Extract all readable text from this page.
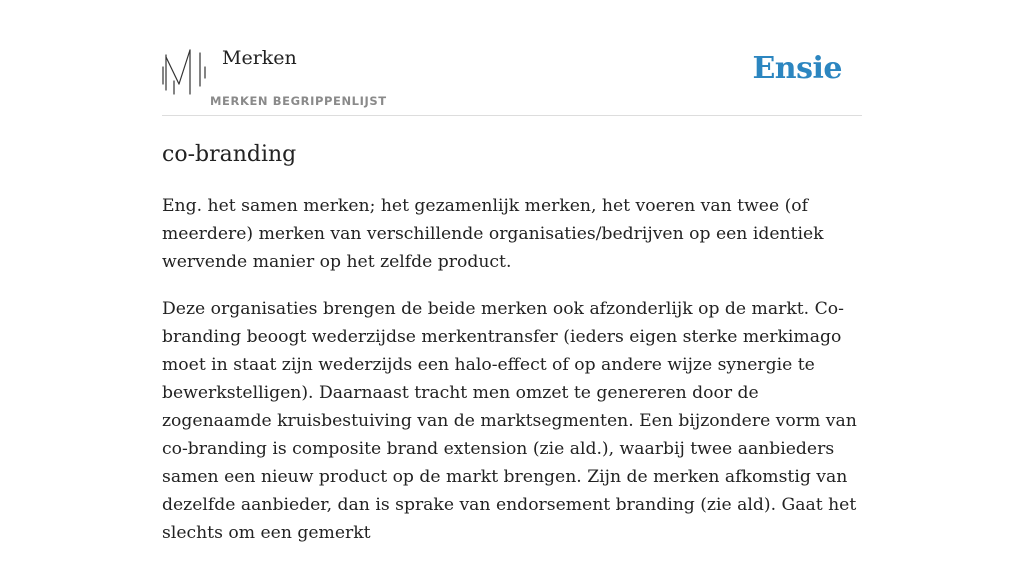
Merken
MERKEN BEGRIPPENLIJST
Ensie
co-branding

Eng. het samen merken; het gezamenlijk merken, het voeren van twee (of meerdere) merken van verschillende organisaties/bedrijven op een identiek wervende manier op het zelfde product.

Deze organisaties brengen de beide merken ook afzonderlijk op de markt. Co-branding beoogt wederzijdse merkentransfer (ieders eigen sterke merkimago moet in staat zijn wederzijds een halo-effect of op andere wijze synergie te bewerkstelligen). Daarnaast tracht men omzet te genereren door de zogenaamde kruisbestuiving van de marktsegmenten. Een bijzondere vorm van co-branding is composite brand extension (zie ald.), waarbij twee aanbieders samen een nieuw product op de markt brengen. Zijn de merken afkomstig van dezelfde aanbieder, dan is sprake van endorsement branding (zie ald). Gaat het slechts om een gemerkt
